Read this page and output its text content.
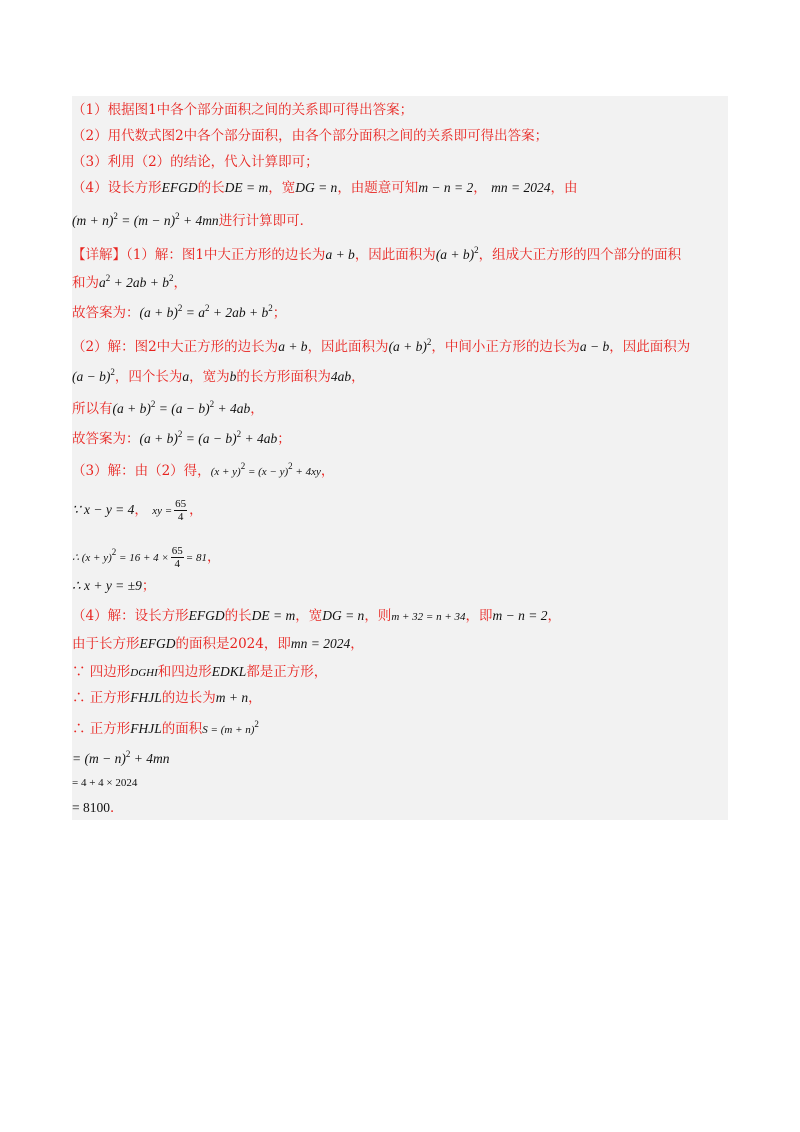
（1）根据图1中各个部分面积之间的关系即可得出答案；
（2）用代数式图2中各个部分面积，由各个部分面积之间的关系即可得出答案；
（3）利用（2）的结论，代入计算即可；
（4）设长方形EFGD的长DE = m，宽DG = n，由题意可知m − n = 2， mn = 2024，由
$(m + n)^2 = (m - n)^2 + 4mn$进行计算即可．
【详解】（1）解：图1中大正方形的边长为a + b，因此面积为$(a + b)^2$，组成大正方形的四个部分的面积
和为$a^2 + 2ab + b^2$，
故答案为：$(a + b)^2 = a^2 + 2ab + b^2$；
（2）解：图2中大正方形的边长为a + b，因此面积为$(a + b)^2$，中间小正方形的边长为a − b，因此面积为
$(a - b)^2$，四个长为a，宽为b的长方形面积为4ab，
所以有$(a + b)^2 = (a - b)^2 + 4ab$，
故答案为：$(a + b)^2 = (a - b)^2 + 4ab$；
（3）解：由（2）得，$(x + y)^2 = (x - y)^2 + 4xy$，
∵ x − y = 4， xy = $\frac{65}{4}$ ，
∴ $(x + y)^2 = 16 + 4 \times \frac{65}{4} = 81$，
∴ x + y = ±9；
（4）解：设长方形EFGD的长DE = m，宽DG = n，则m + 32 = n + 34，即m − n = 2，
由于长方形EFGD的面积是2024，即mn = 2024，
∵ 四边形DGHI和四边形EDKL都是正方形，
∴ 正方形FHJL的边长为m + n，
∴ 正方形FHJL的面积$S = (m + n)^2$
= $(m - n)^2 + 4mn$
= 4 + 4 × 2024
= 8100．
